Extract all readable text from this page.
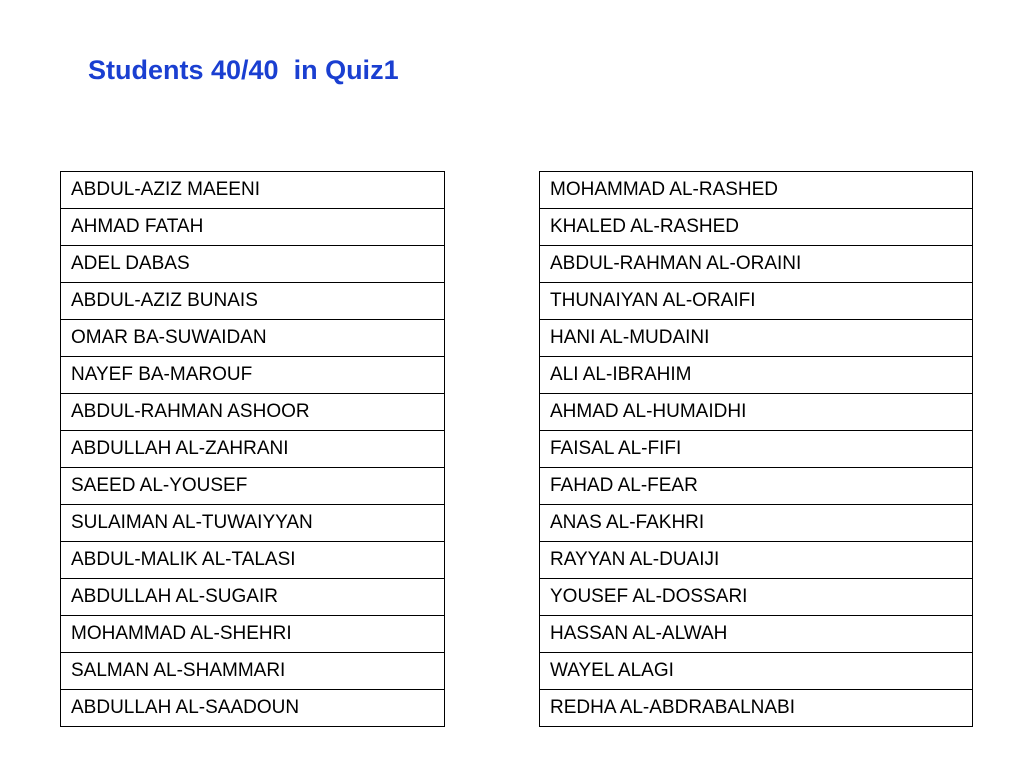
Students 40/40  in Quiz1
ABDUL-AZIZ MAEENI
AHMAD FATAH
ADEL DABAS
ABDUL-AZIZ BUNAIS
OMAR BA-SUWAIDAN
NAYEF BA-MAROUF
ABDUL-RAHMAN ASHOOR
ABDULLAH AL-ZAHRANI
SAEED AL-YOUSEF
SULAIMAN AL-TUWAIYYAN
ABDUL-MALIK AL-TALASI
ABDULLAH AL-SUGAIR
MOHAMMAD AL-SHEHRI
SALMAN AL-SHAMMARI
ABDULLAH AL-SAADOUN
MOHAMMAD AL-RASHED
KHALED AL-RASHED
ABDUL-RAHMAN AL-ORAINI
THUNAIYAN AL-ORAIFI
HANI AL-MUDAINI
ALI AL-IBRAHIM
AHMAD AL-HUMAIDHI
FAISAL AL-FIFI
FAHAD AL-FEAR
ANAS AL-FAKHRI
RAYYAN AL-DUAIJI
YOUSEF AL-DOSSARI
HASSAN AL-ALWAH
WAYEL ALAGI
REDHA AL-ABDRABALNABI
